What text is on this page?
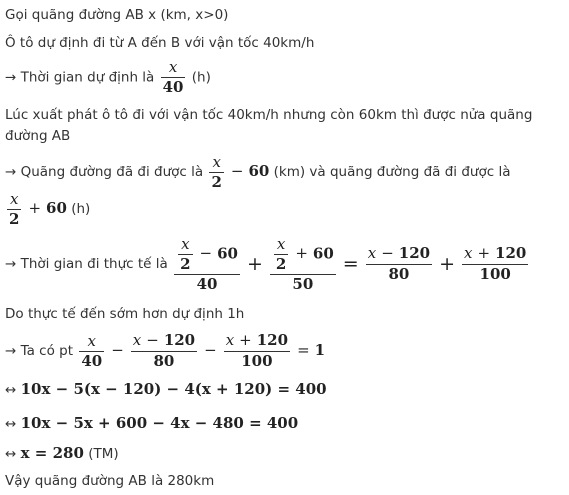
Gọi quãng đường AB x (km, x>0)
Ô tô dự định đi từ A đến B với vận tốc 40km/h
→ Thời gian dự định là $\frac{x}{40} (h)$
Lúc xuất phát ô tô đi với vận tốc 40km/h nhưng còn 60km thì được nửa quãng
đường AB
→ Quãng đường đã đi được là $\frac{x}{2} - 60$ (km) và quãng đường đã đi được là
$\frac{x}{2} + 60$ (h)
→ Thời gian đi thực tế là $\frac{\frac{x}{2} - 60}{40} + \frac{\frac{x}{2} + 60}{50} = \frac{x - 120}{80} + \frac{x + 120}{100}$
Do thực tế đến sớm hơn dự định 1h
→ Ta có pt $\frac{x}{40} - \frac{x - 120}{80} - \frac{x + 120}{100} = 1$
↔ 10x − 5(x − 120) − 4(x + 120) = 400
↔ 10x − 5x + 600 − 4x − 480 = 400
↔ x = 280 (TM)
Vậy quãng đường AB là 280km
